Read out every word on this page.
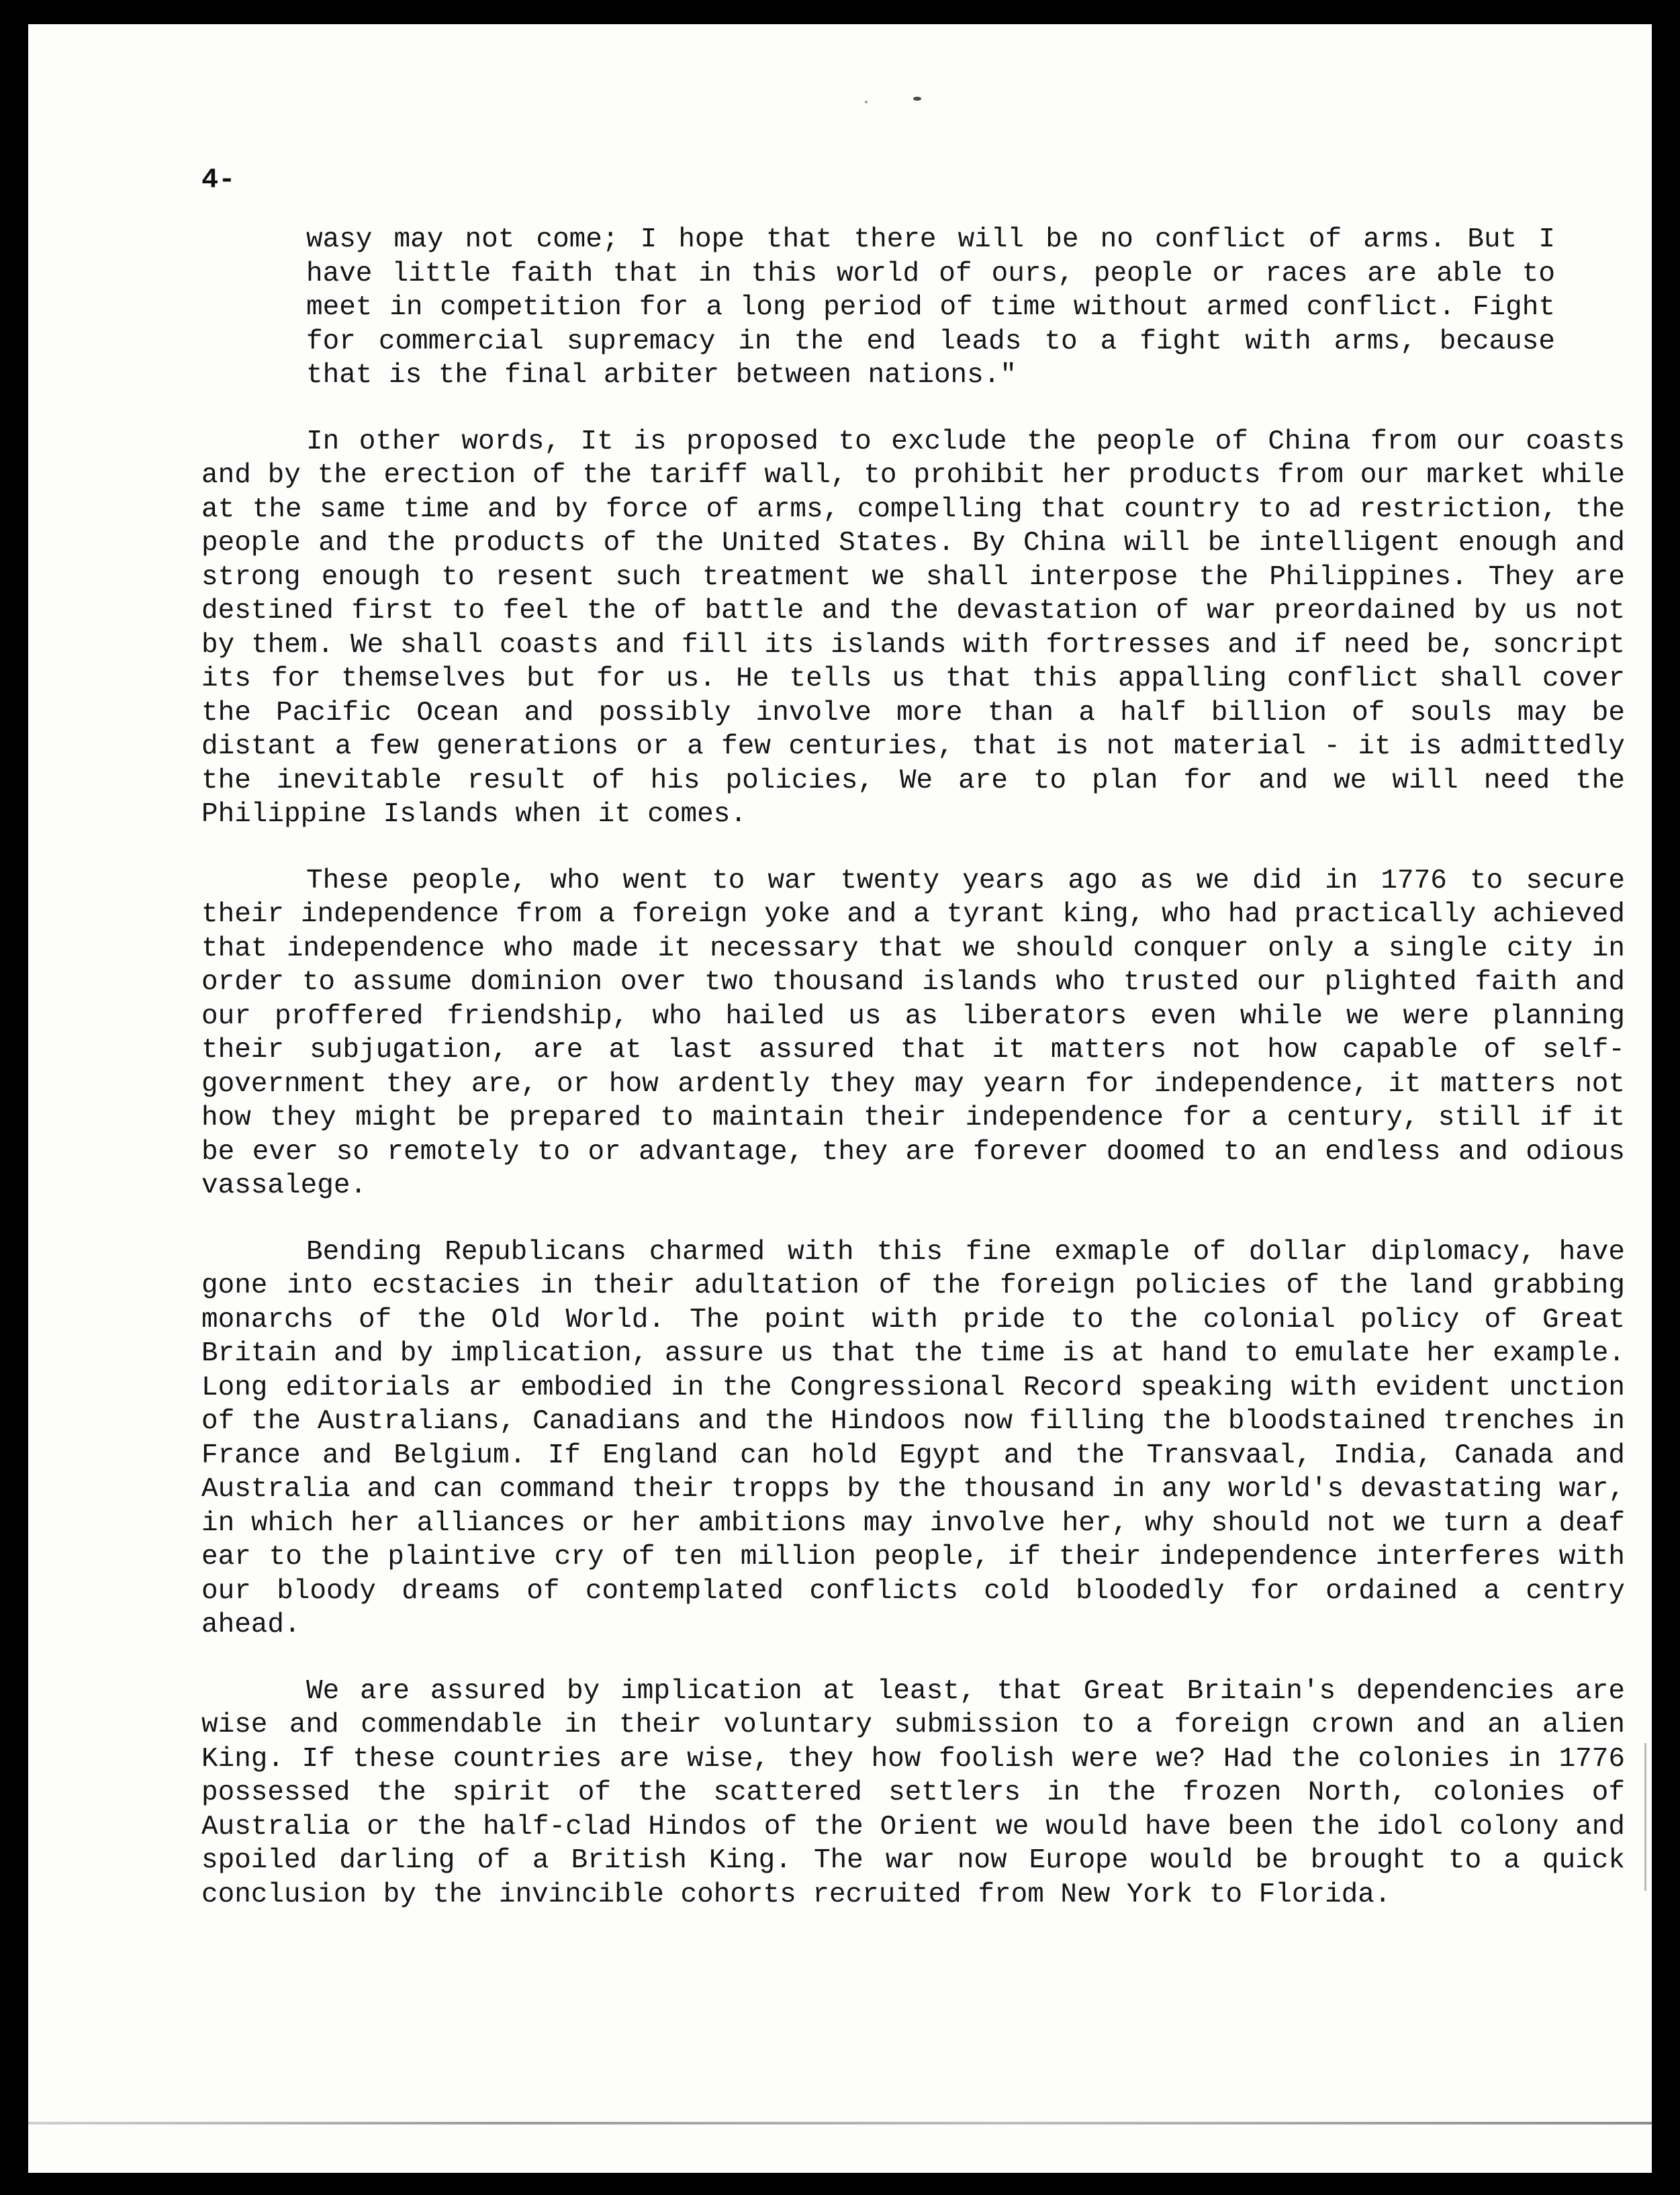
4-

wasy may not come; I hope that there will be no conflict of arms. But I have little faith that in this world of ours, people or races are able to meet in competition for a long period of time without armed conflict. Fight for commercial supremacy in the end leads to a fight with arms, because that is the final arbiter between nations."

In other words, It is proposed to exclude the people of China from our coasts and by the erection of the tariff wall, to prohibit her products from our market while at the same time and by force of arms, compelling that country to ad restriction, the people and the products of the United States. By China will be intelligent enough and strong enough to resent such treatment we shall interpose the Philippines. They are destined first to feel the of battle and the devastation of war preordained by us not by them. We shall coasts and fill its islands with fortresses and if need be, soncript its for themselves but for us. He tells us that this appalling conflict shall cover the Pacific Ocean and possibly involve more than a half billion of souls may be distant a few generations or a few centuries, that is not material - it is admittedly the inevitable result of his policies, We are to plan for and we will need the Philippine Islands when it comes.

These people, who went to war twenty years ago as we did in 1776 to secure their independence from a foreign yoke and a tyrant king, who had practically achieved that independence who made it necessary that we should conquer only a single city in order to assume dominion over two thousand islands who trusted our plighted faith and our proffered friendship, who hailed us as liberators even while we were planning their subjugation, are at last assured that it matters not how capable of self-government they are, or how ardently they may yearn for independence, it matters not how they might be prepared to maintain their independence for a century, still if it be ever so remotely to or advantage, they are forever doomed to an endless and odious vassalege.

Bending Republicans charmed with this fine exmaple of dollar diplomacy, have gone into ecstacies in their adultation of the foreign policies of the land grabbing monarchs of the Old World. The point with pride to the colonial policy of Great Britain and by implication, assure us that the time is at hand to emulate her example. Long editorials ar embodied in the Congressional Record speaking with evident unction of the Australians, Canadians and the Hindoos now filling the bloodstained trenches in France and Belgium. If England can hold Egypt and the Transvaal, India, Canada and Australia and can command their tropps by the thousand in any world's devastating war, in which her alliances or her ambitions may involve her, why should not we turn a deaf ear to the plaintive cry of ten million people, if their independence interferes with our bloody dreams of contemplated conflicts cold bloodedly for ordained a centry ahead.

We are assured by implication at least, that Great Britain's dependencies are wise and commendable in their voluntary submission to a foreign crown and an alien King. If these countries are wise, they how foolish were we? Had the colonies in 1776 possessed the spirit of the scattered settlers in the frozen North, colonies of Australia or the half-clad Hindos of the Orient we would have been the idol colony and spoiled darling of a British King. The war now Europe would be brought to a quick conclusion by the invincible cohorts recruited from New York to Florida.
